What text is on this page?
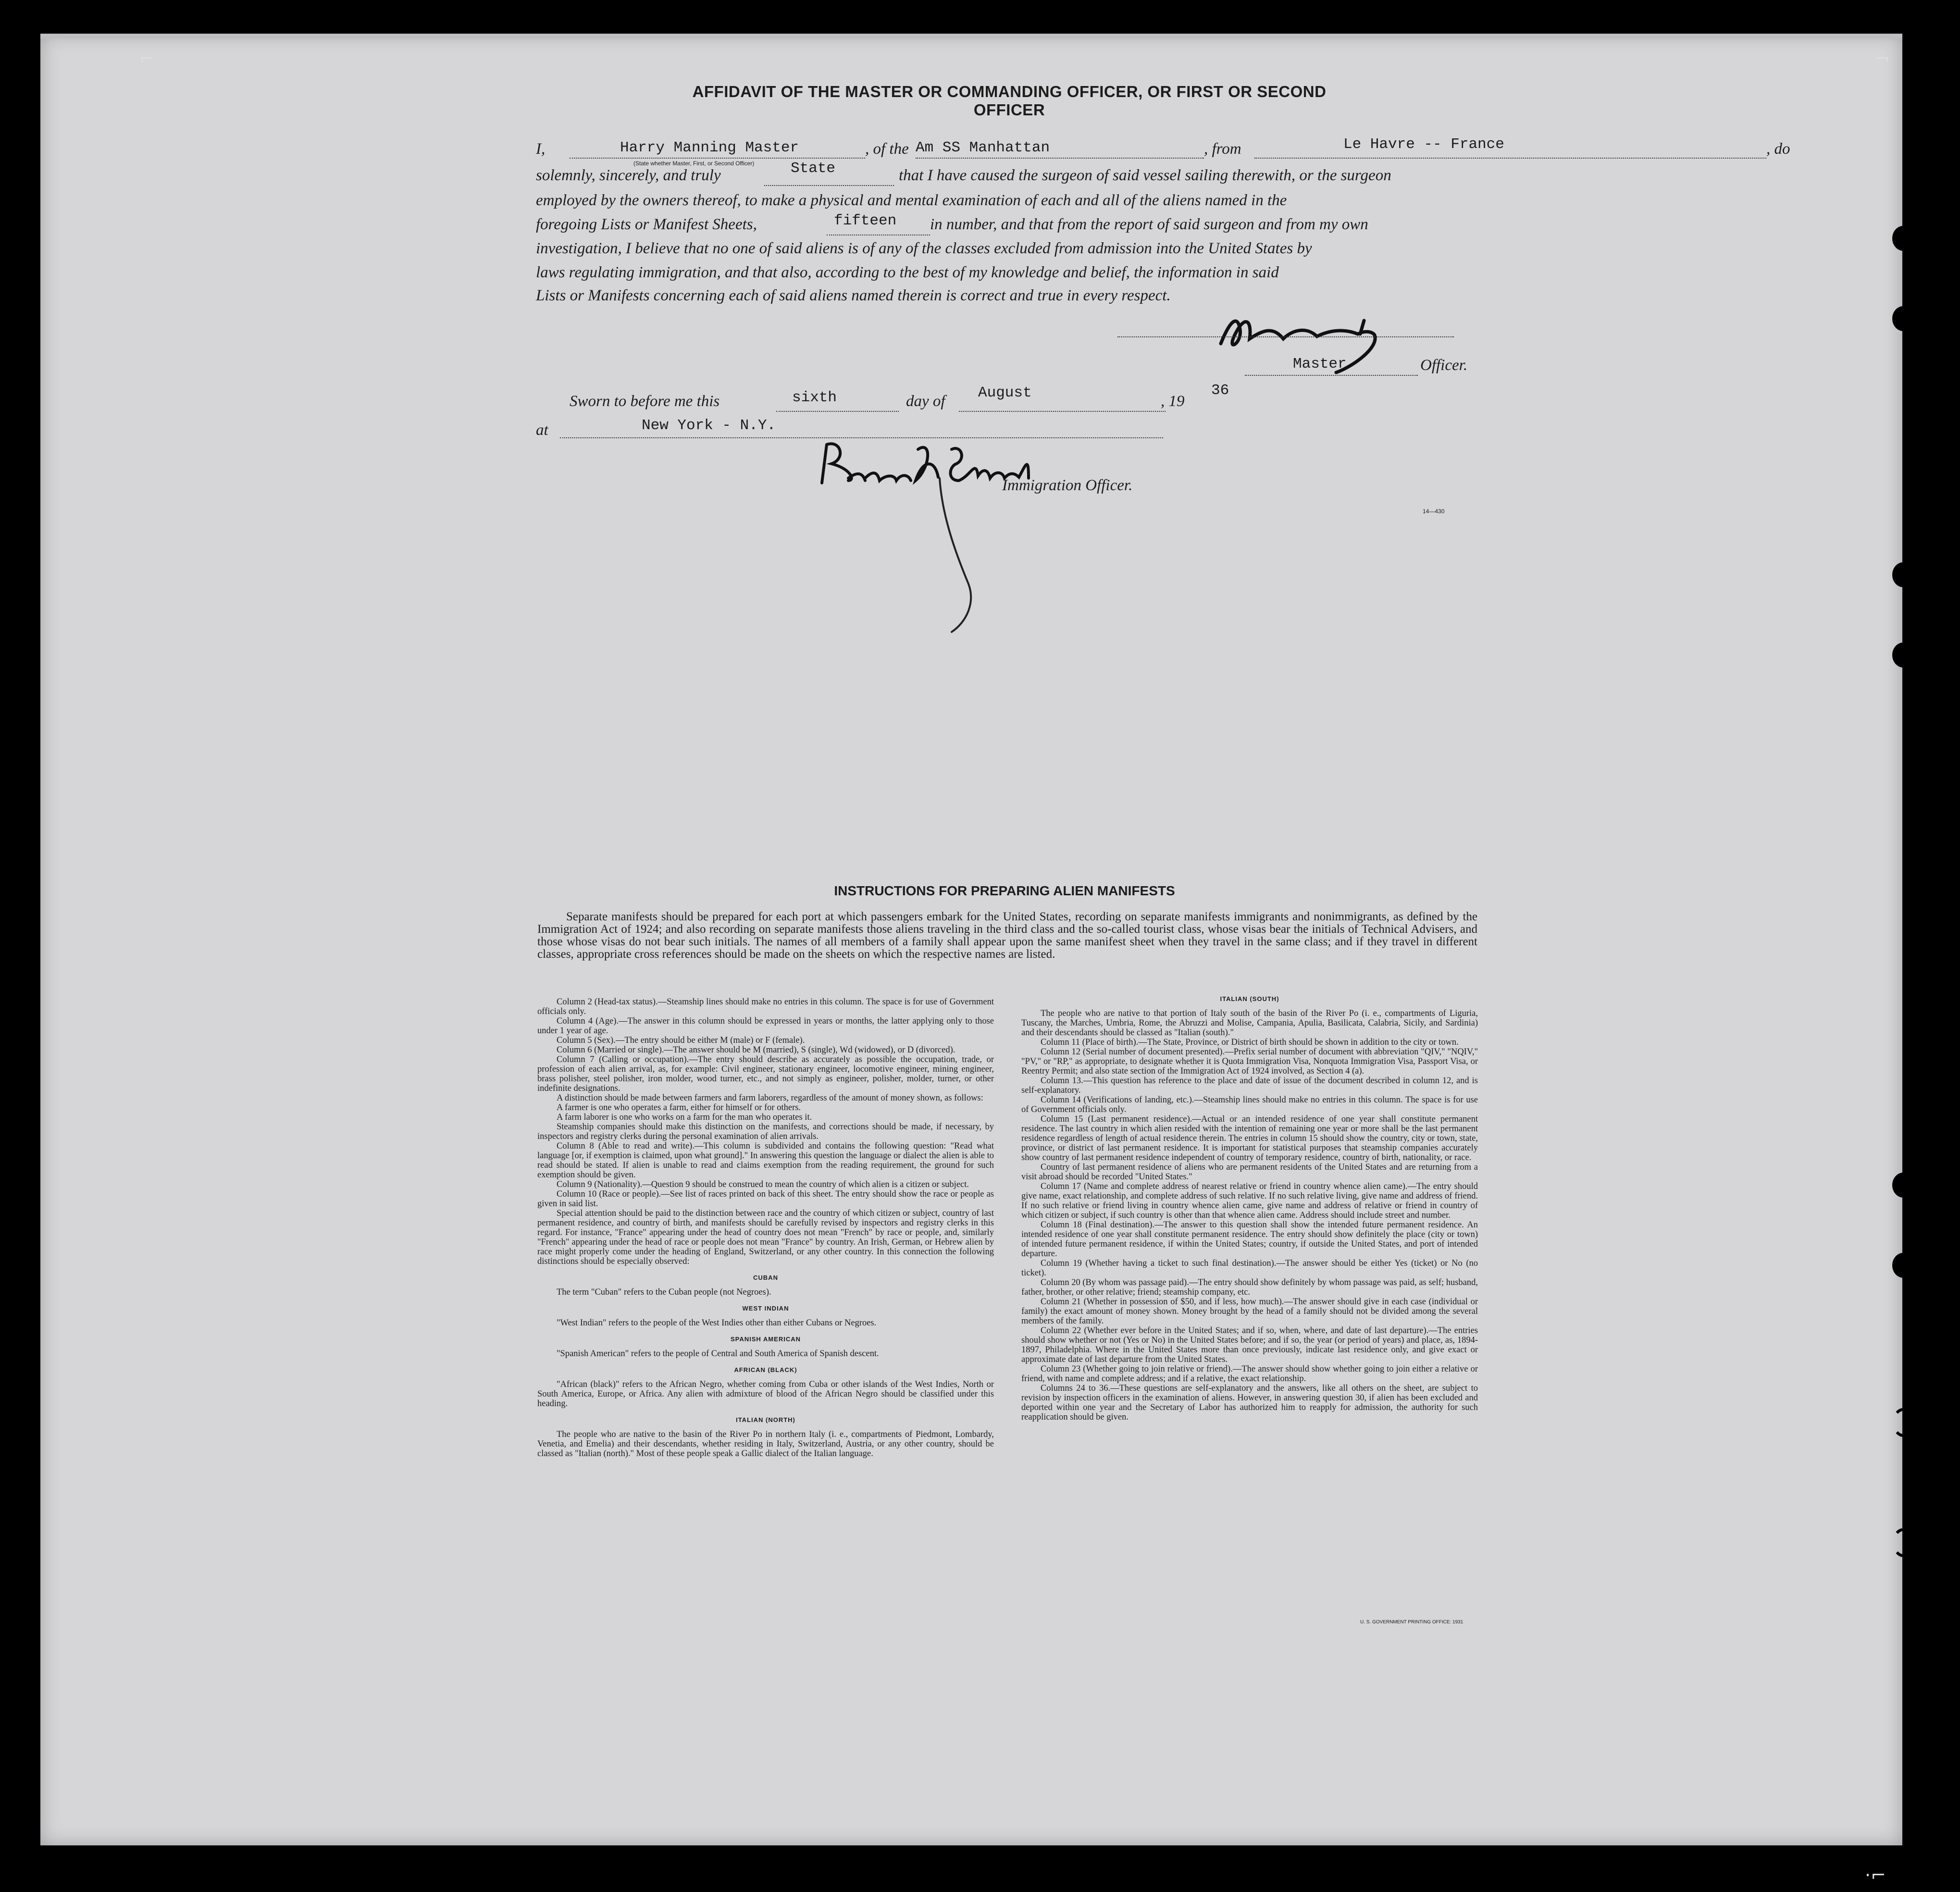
⌐	¬
·⌐
AFFIDAVIT OF THE MASTER OR COMMANDING OFFICER, OR FIRST OR SECOND OFFICER
I,	Harry Manning Master
(State whether Master, First, or Second Officer)
, of the Am SS Manhattan	, from	Le Havre -- France	, do
solemnly, sincerely, and truly	State	that I have caused the surgeon of said vessel sailing therewith, or the surgeon
employed by the owners thereof, to make a physical and mental examination of each and all of the aliens named in the
foregoing Lists or Manifest Sheets,	fifteen in number, and that from the report of said surgeon and from my own
investigation, I believe that no one of said aliens is of any of the classes excluded from admission into the United States by
laws regulating immigration, and that also, according to the best of my knowledge and belief, the information in said
Lists or Manifests concerning each of said aliens named therein is correct and true in every respect.
Master	Officer.
Sworn to before me this	sixth	day of August	, 19
36
at	New York - N.Y.
Immigration Officer.
14—430
INSTRUCTIONS FOR PREPARING ALIEN MANIFESTS
Separate manifests should be prepared for each port at which passengers embark for the United States, recording on separate manifests immigrants and nonimmigrants, as defined by the Immigration Act of 1924; and also recording on separate manifests those aliens traveling in the third class and the so-called tourist class, whose visas bear the initials of Technical Advisers, and those whose visas do not bear such initials. The names of all members of a family shall appear upon the same manifest sheet when they travel in the same class; and if they travel in different classes, appropriate cross references should be made on the sheets on which the respective names are listed.

Column 2 (Head-tax status).—Steamship lines should make no entries in this column. The space is for use of Government officials only.

Column 4 (Age).—The answer in this column should be expressed in years or months, the latter applying only to those under 1 year of age.

Column 5 (Sex).—The entry should be either M (male) or F (female).

Column 6 (Married or single).—The answer should be M (married), S (single), Wd (widowed), or D (divorced).

Column 7 (Calling or occupation).—The entry should describe as accurately as possible the occupation, trade, or profession of each alien arrival, as, for example: Civil engineer, stationary engineer, locomotive engineer, mining engineer, brass polisher, steel polisher, iron molder, wood turner, etc., and not simply as engineer, polisher, molder, turner, or other indefinite designations.

A distinction should be made between farmers and farm laborers, regardless of the amount of money shown, as follows:

A farmer is one who operates a farm, either for himself or for others.

A farm laborer is one who works on a farm for the man who operates it.

Steamship companies should make this distinction on the manifests, and corrections should be made, if necessary, by inspectors and registry clerks during the personal examination of alien arrivals.

Column 8 (Able to read and write).—This column is subdivided and contains the following question: "Read what language [or, if exemption is claimed, upon what ground]." In answering this question the language or dialect the alien is able to read should be stated. If alien is unable to read and claims exemption from the reading requirement, the ground for such exemption should be given.

Column 9 (Nationality).—Question 9 should be construed to mean the country of which alien is a citizen or subject.

Column 10 (Race or people).—See list of races printed on back of this sheet. The entry should show the race or people as given in said list.

Special attention should be paid to the distinction between race and the country of which citizen or subject, country of last permanent residence, and country of birth, and manifests should be carefully revised by inspectors and registry clerks in this regard. For instance, "France" appearing under the head of country does not mean "French" by race or people, and, similarly "French" appearing under the head of race or people does not mean "France" by country. An Irish, German, or Hebrew alien by race might properly come under the heading of England, Switzerland, or any other country. In this connection the following distinctions should be especially observed:

CUBAN

The term "Cuban" refers to the Cuban people (not Negroes).

WEST INDIAN

"West Indian" refers to the people of the West Indies other than either Cubans or Negroes.

SPANISH AMERICAN

"Spanish American" refers to the people of Central and South America of Spanish descent.

AFRICAN (BLACK)

"African (black)" refers to the African Negro, whether coming from Cuba or other islands of the West Indies, North or South America, Europe, or Africa. Any alien with admixture of blood of the African Negro should be classified under this heading.

ITALIAN (NORTH)

The people who are native to the basin of the River Po in northern Italy (i. e., compartments of Piedmont, Lombardy, Venetia, and Emelia) and their descendants, whether residing in Italy, Switzerland, Austria, or any other country, should be classed as "Italian (north)." Most of these people speak a Gallic dialect of the Italian language.

ITALIAN (SOUTH)

The people who are native to that portion of Italy south of the basin of the River Po (i. e., compartments of Liguria, Tuscany, the Marches, Umbria, Rome, the Abruzzi and Molise, Campania, Apulia, Basilicata, Calabria, Sicily, and Sardinia) and their descendants should be classed as "Italian (south)."

Column 11 (Place of birth).—The State, Province, or District of birth should be shown in addition to the city or town.

Column 12 (Serial number of document presented).—Prefix serial number of document with abbreviation "QIV," "NQIV," "PV," or "RP," as appropriate, to designate whether it is Quota Immigration Visa, Nonquota Immigration Visa, Passport Visa, or Reentry Permit; and also state section of the Immigration Act of 1924 involved, as Section 4 (a).

Column 13.—This question has reference to the place and date of issue of the document described in column 12, and is self-explanatory.

Column 14 (Verifications of landing, etc.).—Steamship lines should make no entries in this column. The space is for use of Government officials only.

Column 15 (Last permanent residence).—Actual or an intended residence of one year shall constitute permanent residence. The last country in which alien resided with the intention of remaining one year or more shall be the last permanent residence regardless of length of actual residence therein. The entries in column 15 should show the country, city or town, state, province, or district of last permanent residence. It is important for statistical purposes that steamship companies accurately show country of last permanent residence independent of country of temporary residence, country of birth, nationality, or race.

Country of last permanent residence of aliens who are permanent residents of the United States and are returning from a visit abroad should be recorded "United States."

Column 17 (Name and complete address of nearest relative or friend in country whence alien came).—The entry should give name, exact relationship, and complete address of such relative. If no such relative living, give name and address of friend. If no such relative or friend living in country whence alien came, give name and address of relative or friend in country of which citizen or subject, if such country is other than that whence alien came. Address should include street and number.

Column 18 (Final destination).—The answer to this question shall show the intended future permanent residence. An intended residence of one year shall constitute permanent residence. The entry should show definitely the place (city or town) of intended future permanent residence, if within the United States; country, if outside the United States, and port of intended departure.

Column 19 (Whether having a ticket to such final destination).—The answer should be either Yes (ticket) or No (no ticket).

Column 20 (By whom was passage paid).—The entry should show definitely by whom passage was paid, as self; husband, father, brother, or other relative; friend; steamship company, etc.

Column 21 (Whether in possession of $50, and if less, how much).—The answer should give in each case (individual or family) the exact amount of money shown. Money brought by the head of a family should not be divided among the several members of the family.

Column 22 (Whether ever before in the United States; and if so, when, where, and date of last departure).—The entries should show whether or not (Yes or No) in the United States before; and if so, the year (or period of years) and place, as, 1894-1897, Philadelphia. Where in the United States more than once previously, indicate last residence only, and give exact or approximate date of last departure from the United States.

Column 23 (Whether going to join relative or friend).—The answer should show whether going to join either a relative or friend, with name and complete address; and if a relative, the exact relationship.

Columns 24 to 36.—These questions are self-explanatory and the answers, like all others on the sheet, are subject to revision by inspection officers in the examination of aliens. However, in answering question 30, if alien has been excluded and deported within one year and the Secretary of Labor has authorized him to reapply for admission, the authority for such reapplication should be given.

U. S. GOVERNMENT PRINTING OFFICE: 1931
